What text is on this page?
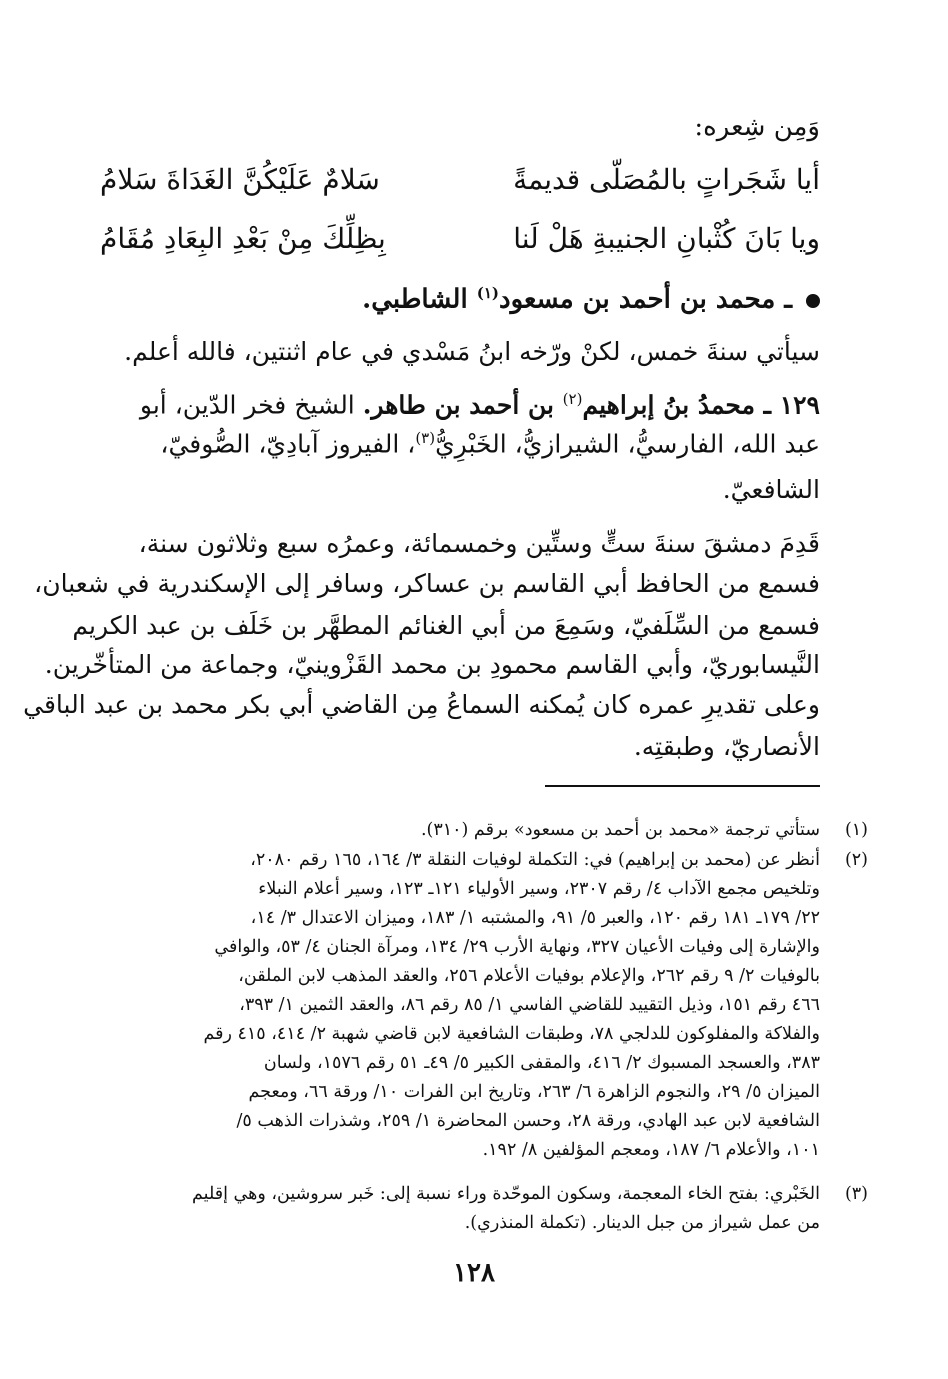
وَمِن شِعره:
أيا شَجَراتٍ بالمُصَلّى قديمةً
سَلامٌ عَلَيْكُنَّ الغَدَاةَ سَلامُ
ويا بَانَ كُثْبانِ الجنيبةِ هَلْ لَنا
بِظِلِّكَ مِنْ بَعْدِ البِعَادِ مُقَامُ
ـ محمد بن أحمد بن مسعود$^{(١)}$ الشاطبي.
سيأتي سنةَ خمس، لكنْ ورّخه ابنُ مَسْدي في عام اثنتين، فالله أعلم.
١٢٩ ـ محمدُ بنُ إبراهيم$^{(٢)}$ بن أحمد بن طاهر. الشيخ فخر الدّين، أبو
عبد الله، الفارسيُّ، الشيرازيُّ، الخَبْرِيُّ$^{(٣)}$، الفيروز آبادِيّ، الصُّوفيّ،
الشافعيّ.
قَدِمَ دمشقَ سنةَ ستٍّ وستِّين وخمسمائة، وعمرُه سبع وثلاثون سنة،
فسمع من الحافظ أبي القاسم بن عساكر، وسافر إلى الإسكندرية في شعبان،
فسمع من السِّلَفيّ، وسَمِعَ من أبي الغنائم المطهَّر بن خَلَف بن عبد الكريم
النَّيسابوريّ، وأبي القاسم محمودِ بن محمد القَزْوينيّ، وجماعة من المتأخّرين.
وعلى تقديرِ عمره كان يُمكنه السماعُ مِن القاضي أبي بكر محمد بن عبد الباقي
الأنصاريّ، وطبقتِه.
(١)
ستأتي ترجمة «محمد بن أحمد بن مسعود» برقم (٣١٠).
(٢)
أنظر عن (محمد بن إبراهيم) في: التكملة لوفيات النقلة ٣/ ١٦٤، ١٦٥ رقم ٢٠٨٠،
وتلخيص مجمع الآداب ٤/ رقم ٢٣٠٧، وسير الأولياء ١٢١ـ ١٢٣، وسير أعلام النبلاء
٢٢/ ١٧٩ـ ١٨١ رقم ١٢٠، والعبر ٥/ ٩١، والمشتبه ١/ ١٨٣، وميزان الاعتدال ٣/ ١٤،
والإشارة إلى وفيات الأعيان ٣٢٧، ونهاية الأرب ٢٩/ ١٣٤، ومرآة الجنان ٤/ ٥٣، والوافي
بالوفيات ٢/ ٩ رقم ٢٦٢، والإعلام بوفيات الأعلام ٢٥٦، والعقد المذهب لابن الملقن،
٤٦٦ رقم ١٥١، وذيل التقييد للقاضي الفاسي ١/ ٨٥ رقم ٨٦، والعقد الثمين ١/ ٣٩٣،
والفلاكة والمفلوكون للدلجي ٧٨، وطبقات الشافعية لابن قاضي شهبة ٢/ ٤١٤، ٤١٥ رقم
٣٨٣، والعسجد المسبوك ٢/ ٤١٦، والمقفى الكبير ٥/ ٤٩ـ ٥١ رقم ١٥٧٦، ولسان
الميزان ٥/ ٢٩، والنجوم الزاهرة ٦/ ٢٦٣، وتاريخ ابن الفرات ١٠/ ورقة ٦٦، ومعجم
الشافعية لابن عبد الهادي، ورقة ٢٨، وحسن المحاضرة ١/ ٢٥٩، وشذرات الذهب ٥/
١٠١، والأعلام ٦/ ١٨٧، ومعجم المؤلفين ٨/ ١٩٢.
(٣)
الخَبْري: بفتح الخاء المعجمة، وسكون الموحّدة وراء نسبة إلى: خَبر سروشين، وهي إقليم
من عمل شيراز من جبل الدينار. (تكملة المنذري).
١٢٨
